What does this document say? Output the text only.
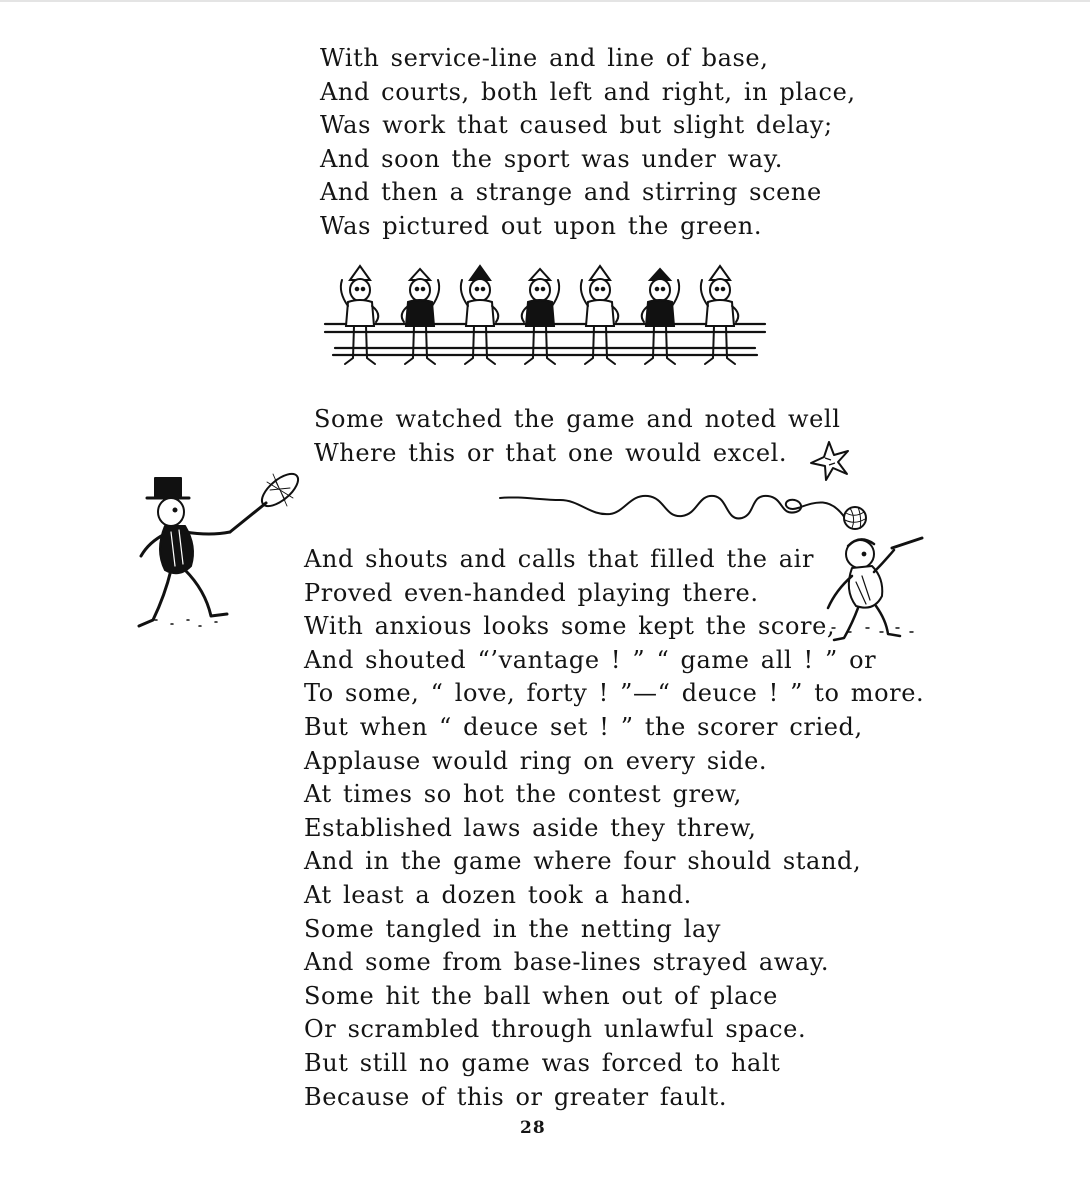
With service-line and line of base,
And courts, both left and right, in place,
Was work that caused but slight delay;
And soon the sport was under way.
And then a strange and stirring scene
Was pictured out upon the green.
Some watched the game and noted well
Where this or that one would excel.
And shouts and calls that filled the air
Proved even-handed playing there.
With anxious looks some kept the score,
And shouted “’vantage ! ” “ game all ! ” or
To some, “ love, forty ! ”—“ deuce ! ” to more.
But when “ deuce set ! ” the scorer cried,
Applause would ring on every side.
At times so hot the contest grew,
Established laws aside they threw,
And in the game where four should stand,
At least a dozen took a hand.
Some tangled in the netting lay
And some from base-lines strayed away.
Some hit the ball when out of place
Or scrambled through unlawful space.
But still no game was forced to halt
Because of this or greater fault.
28
